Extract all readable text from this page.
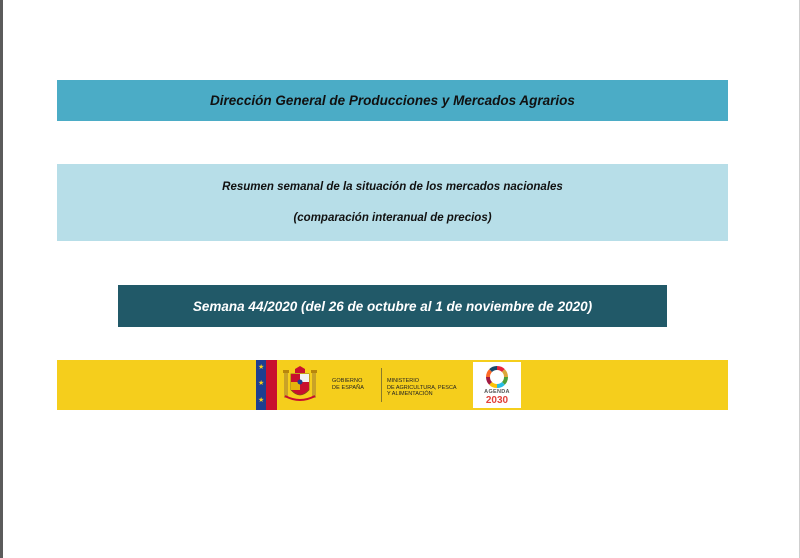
Dirección General de Producciones y Mercados Agrarios
Resumen semanal de la situación de los mercados nacionales
(comparación interanual de precios)
Semana 44/2020 (del 26 de octubre al 1 de noviembre de 2020)
★
★
★
GOBIERNO
DE ESPAÑA
MINISTERIO
DE AGRICULTURA, PESCA
Y ALIMENTACIÓN	AGENDA
2030
